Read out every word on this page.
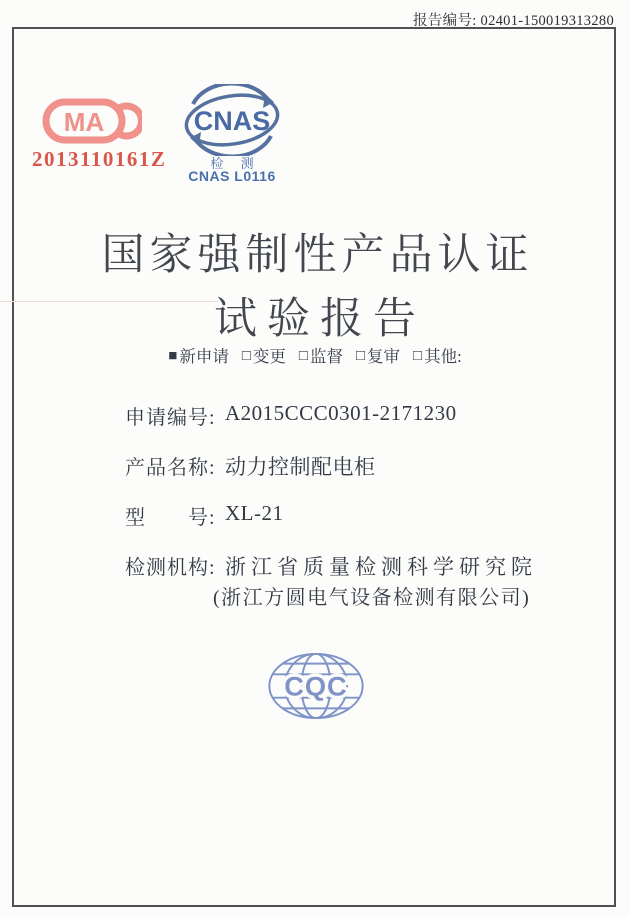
报告编号: 02401-150019313280
MA
2013110161Z
CNAS
检 测
CNAS L0116
国家强制性产品认证
试验报告
■ 新申请 □ 变更 □ 监督 □ 复审 □ 其他:
申请编号: A2015CCC0301-2171230
产品名称: 动力控制配电柜
型　　号: XL-21
检测机构: 浙江省质量检测科学研究院
(浙江方圆电气设备检测有限公司)
CQC
